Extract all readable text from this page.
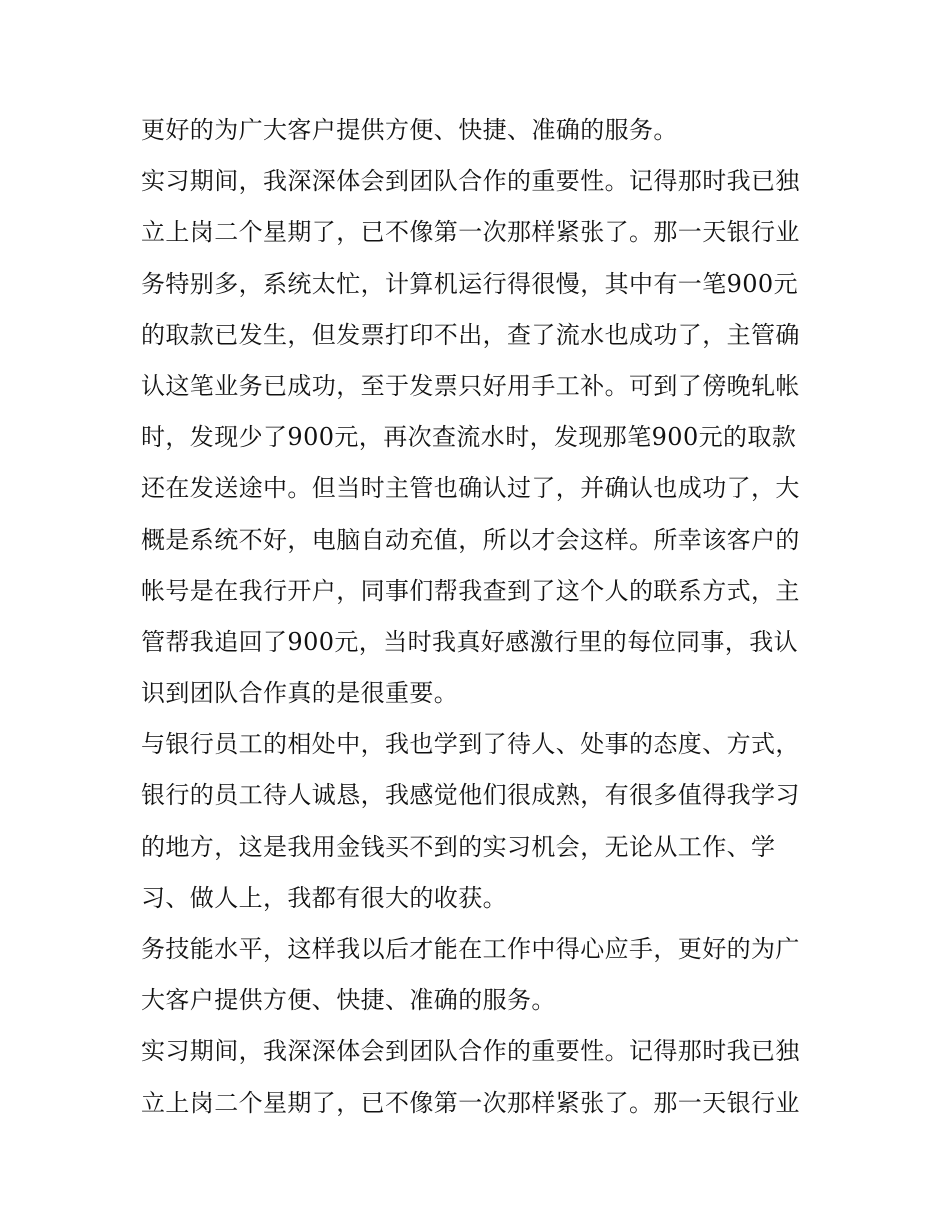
更好的为广大客户提供方便、快捷、准确的服务。
实习期间，我深深体会到团队合作的重要性。记得那时我已独
立上岗二个星期了，已不像第一次那样紧张了。那一天银行业
务特别多，系统太忙，计算机运行得很慢，其中有一笔900元
的取款已发生，但发票打印不出，查了流水也成功了，主管确
认这笔业务已成功，至于发票只好用手工补。可到了傍晚轧帐
时，发现少了900元，再次查流水时，发现那笔900元的取款
还在发送途中。但当时主管也确认过了，并确认也成功了，大
概是系统不好，电脑自动充值，所以才会这样。所幸该客户的
帐号是在我行开户，同事们帮我查到了这个人的联系方式，主
管帮我追回了900元，当时我真好感激行里的每位同事，我认
识到团队合作真的是很重要。
与银行员工的相处中，我也学到了待人、处事的态度、方式，
银行的员工待人诚恳，我感觉他们很成熟，有很多值得我学习
的地方，这是我用金钱买不到的实习机会，无论从工作、学
习、做人上，我都有很大的收获。
务技能水平，这样我以后才能在工作中得心应手，更好的为广
大客户提供方便、快捷、准确的服务。
实习期间，我深深体会到团队合作的重要性。记得那时我已独
立上岗二个星期了，已不像第一次那样紧张了。那一天银行业
